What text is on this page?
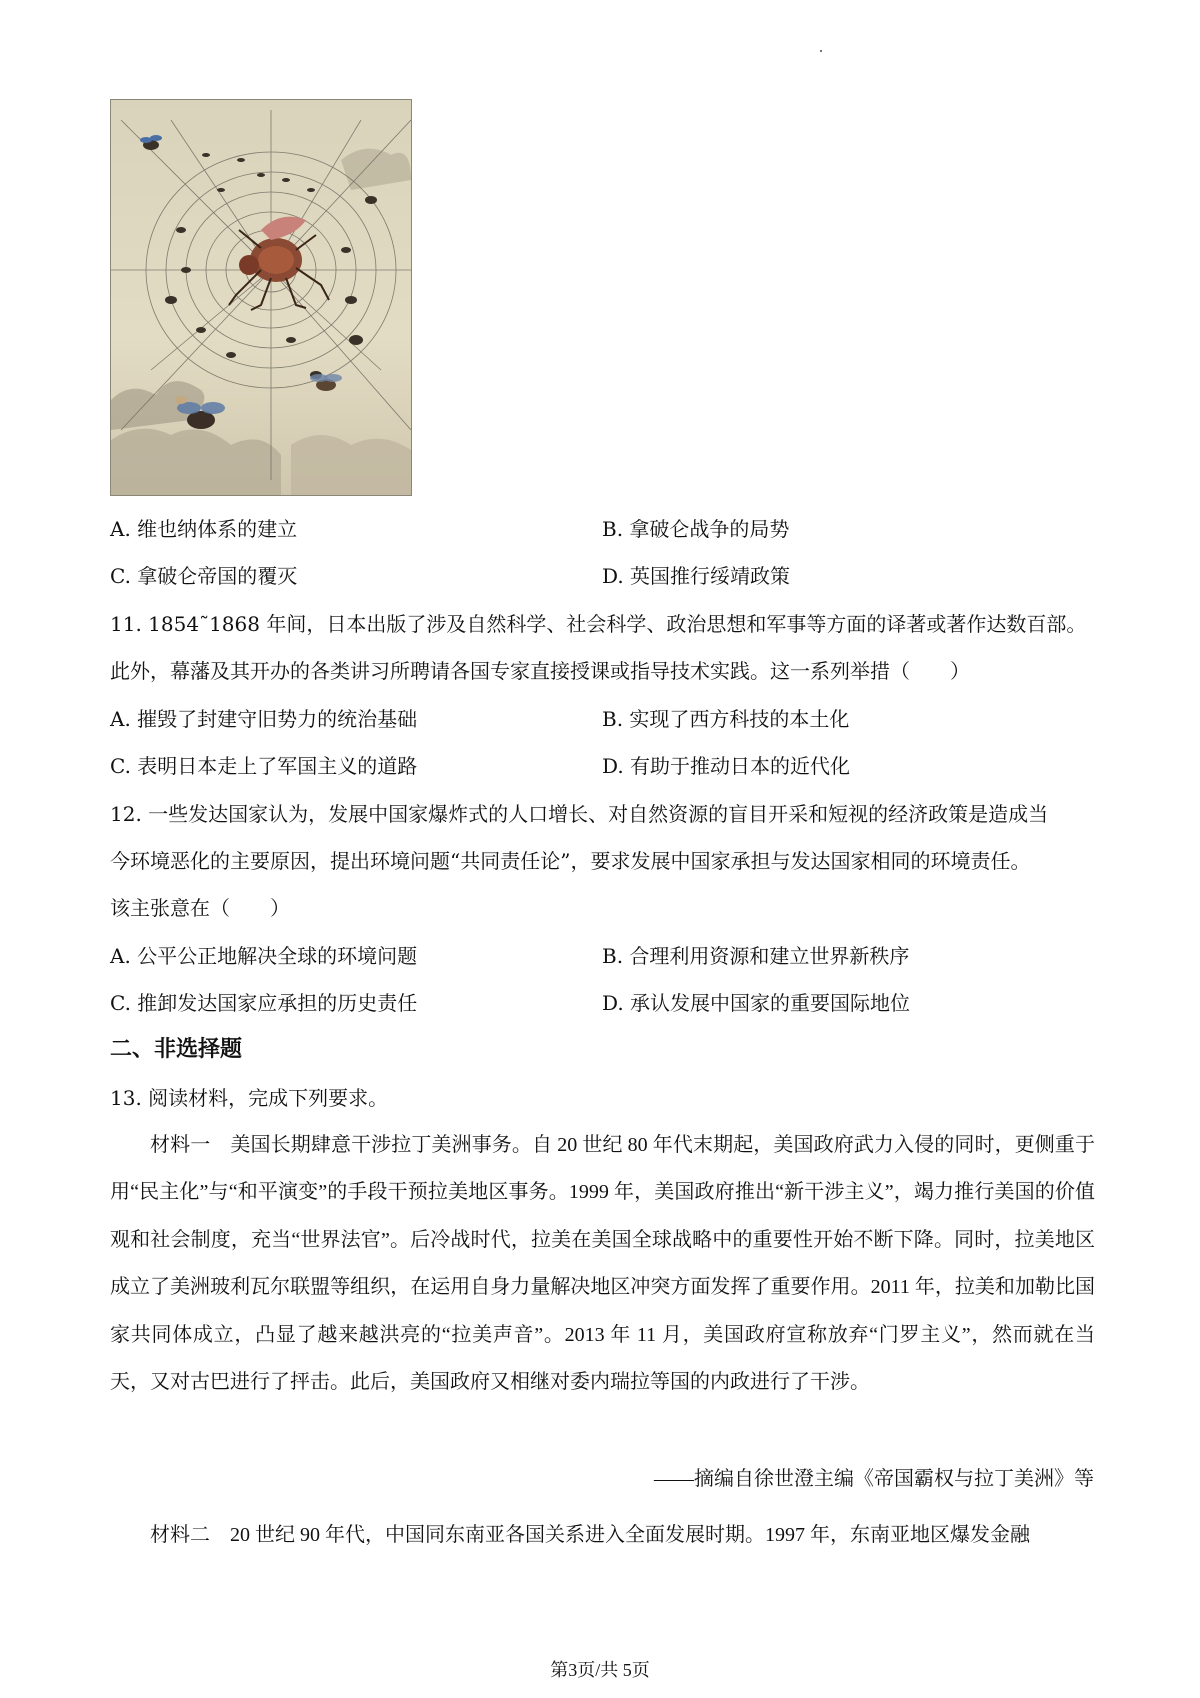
A. 维也纳体系的建立	B. 拿破仑战争的局势
C. 拿破仑帝国的覆灭	D. 英国推行绥靖政策
11. 1854˜1868 年间，日本出版了涉及自然科学、社会科学、政治思想和军事等方面的译著或著作达数百部。
此外，幕藩及其开办的各类讲习所聘请各国专家直接授课或指导技术实践。这一系列举措（　　）
A. 摧毁了封建守旧势力的统治基础	B. 实现了西方科技的本土化
C. 表明日本走上了军国主义的道路	D. 有助于推动日本的近代化
12. 一些发达国家认为，发展中国家爆炸式的人口增长、对自然资源的盲目开采和短视的经济政策是造成当
今环境恶化的主要原因，提出环境问题“共同责任论”，要求发展中国家承担与发达国家相同的环境责任。
该主张意在（　　）
A. 公平公正地解决全球的环境问题	B. 合理利用资源和建立世界新秩序
C. 推卸发达国家应承担的历史责任	D. 承认发展中国家的重要国际地位
二、非选择题
13. 阅读材料，完成下列要求。
材料一　美国长期肆意干涉拉丁美洲事务。自 20 世纪 80 年代末期起，美国政府武力入侵的同时，更侧重于用“民主化”与“和平演变”的手段干预拉美地区事务。1999 年，美国政府推出“新干涉主义”，竭力推行美国的价值观和社会制度，充当“世界法官”。后冷战时代，拉美在美国全球战略中的重要性开始不断下降。同时，拉美地区成立了美洲玻利瓦尔联盟等组织，在运用自身力量解决地区冲突方面发挥了重要作用。2011 年，拉美和加勒比国家共同体成立，凸显了越来越洪亮的“拉美声音”。2013 年 11 月，美国政府宣称放弃“门罗主义”，然而就在当天，又对古巴进行了抨击。此后，美国政府又相继对委内瑞拉等国的内政进行了干涉。
——摘编自徐世澄主编《帝国霸权与拉丁美洲》等
材料二　20 世纪 90 年代，中国同东南亚各国关系进入全面发展时期。1997 年，东南亚地区爆发金融
第3页/共 5页
